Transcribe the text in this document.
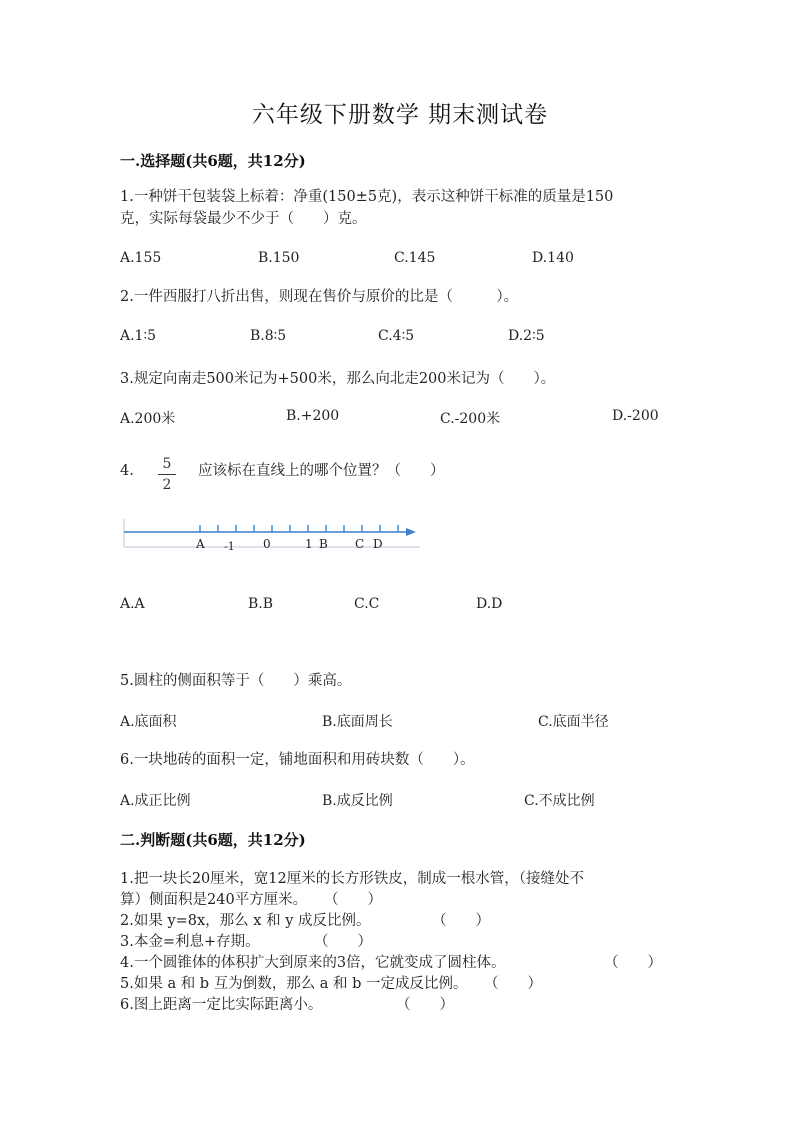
六年级下册数学 期末测试卷
一.选择题(共6题，共12分)
1.一种饼干包装袋上标着：净重(150±5克)，表示这种饼干标准的质量是150
克，实际每袋最少不少于（　　）克。
A.155	B.150	C.145	D.140
2.一件西服打八折出售，则现在售价与原价的比是（　　　）。
A.1∶5	B.8∶5	C.4∶5	D.2∶5
3.规定向南走500米记为+500米，那么向北走200米记为（　　）。
A.200米	B.+200	C.-200米	D.-200
4.	5
2
应该标在直线上的哪个位置？（　　）
A -1 0	1 B C D
A.A	B.B	C.C	D.D
5.圆柱的侧面积等于（　　）乘高。
A.底面积	B.底面周长	C.底面半径
6.一块地砖的面积一定，铺地面积和用砖块数（　　）。
A.成正比例	B.成反比例	C.不成比例
二.判断题(共6题，共12分)
1.把一块长20厘米，宽12厘米的长方形铁皮，制成一根水管，（接缝处不
算）侧面积是240平方厘米。 （　　）
2.如果 y=8x，那么 x 和 y 成反比例。	（　　）
3.本金=利息+存期。	（　　）
4.一个圆锥体的体积扩大到原来的3倍，它就变成了圆柱体。	（　　）
5.如果 a 和 b 互为倒数，那么 a 和 b 一定成反比例。 （　　）
6.图上距离一定比实际距离小。	（　　）
